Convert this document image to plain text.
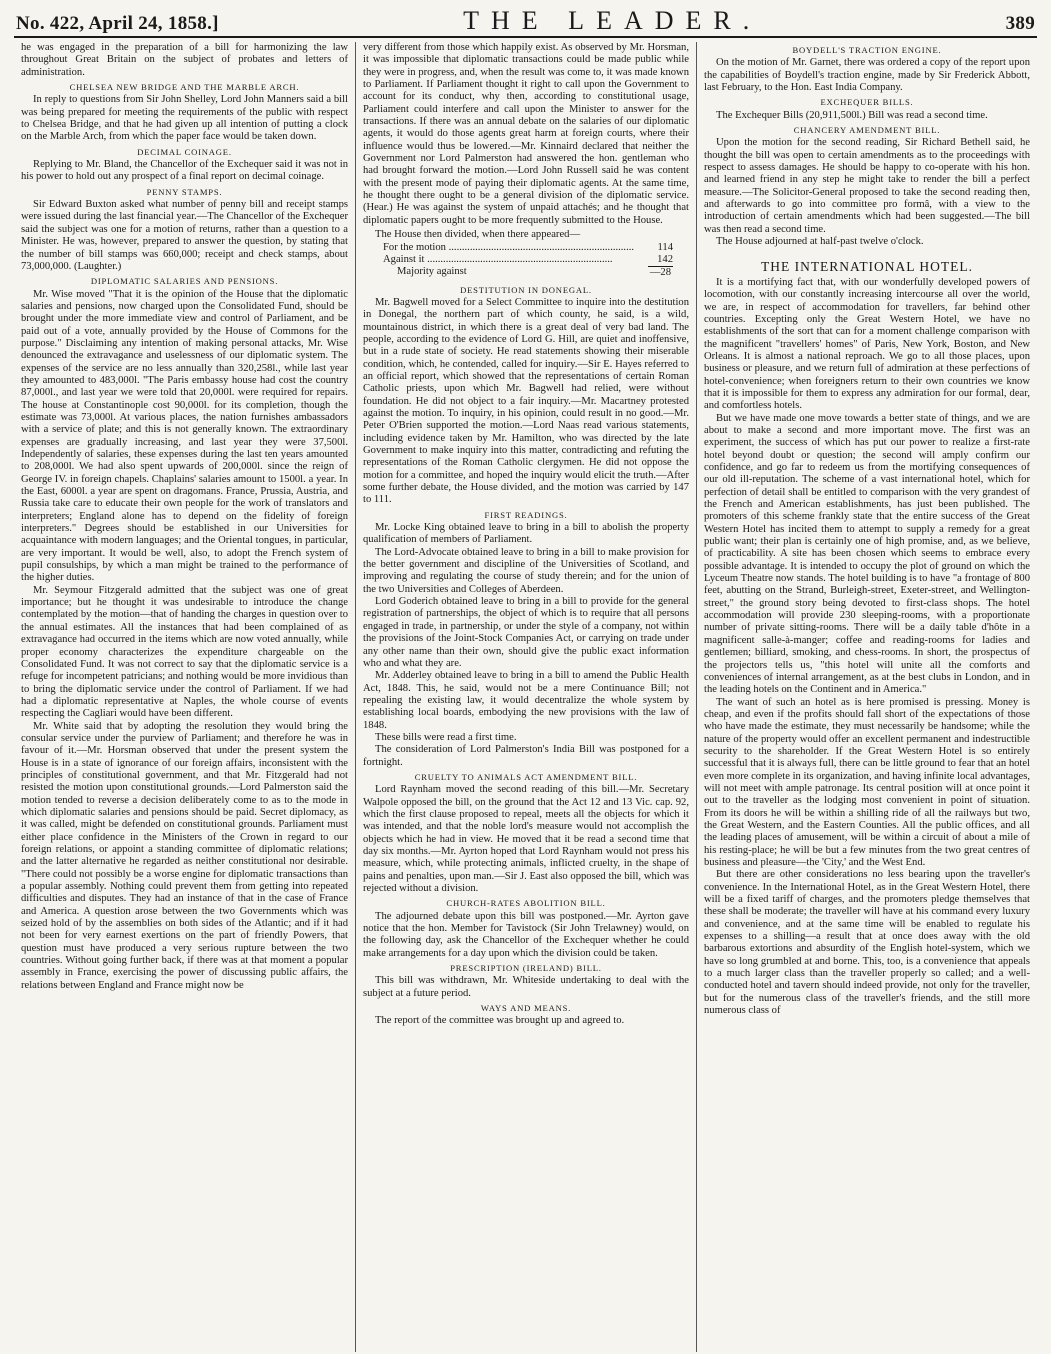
No. 422, April 24, 1858.]	THE LEADER.	389

he was engaged in the preparation of a bill for harmonizing the law throughout Great Britain on the subject of probates and letters of administration.

CHELSEA NEW BRIDGE AND THE MARBLE ARCH.

In reply to questions from Sir John Shelley, Lord John Manners said a bill was being prepared for meeting the requirements of the public with respect to Chelsea Bridge, and that he had given up all intention of putting a clock on the Marble Arch, from which the paper face would be taken down.

DECIMAL COINAGE.

Replying to Mr. Bland, the Chancellor of the Exchequer said it was not in his power to hold out any prospect of a final report on decimal coinage.

PENNY STAMPS.

Sir Edward Buxton asked what number of penny bill and receipt stamps were issued during the last financial year.—The Chancellor of the Exchequer said the subject was one for a motion of returns, rather than a question to a Minister. He was, however, prepared to answer the question, by stating that the number of bill stamps was 660,000; receipt and check stamps, about 73,000,000. (Laughter.)

DIPLOMATIC SALARIES AND PENSIONS.

Mr. Wise moved "That it is the opinion of the House that the diplomatic salaries and pensions, now charged upon the Consolidated Fund, should be brought under the more immediate view and control of Parliament, and be paid out of a vote, annually provided by the House of Commons for the purpose." Disclaiming any intention of making personal attacks, Mr. Wise denounced the extravagance and uselessness of our diplomatic system. The expenses of the service are no less annually than 320,258l., while last year they amounted to 483,000l. "The Paris embassy house had cost the country 87,000l., and last year we were told that 20,000l. were required for repairs. The house at Constantinople cost 90,000l. for its completion, though the estimate was 73,000l. At various places, the nation furnishes ambassadors with a service of plate; and this is not generally known. The extraordinary expenses are gradually increasing, and last year they were 37,500l. Independently of salaries, these expenses during the last ten years amounted to 208,000l. We had also spent upwards of 200,000l. since the reign of George IV. in foreign chapels. Chaplains' salaries amount to 1500l. a year. In the East, 6000l. a year are spent on dragomans. France, Prussia, Austria, and Russia take care to educate their own people for the work of translators and interpreters; England alone has to depend on the fidelity of foreign interpreters." Degrees should be established in our Universities for acquaintance with modern languages; and the Oriental tongues, in particular, are very important. It would be well, also, to adopt the French system of pupil consulships, by which a man might be trained to the performance of the higher duties.

Mr. Seymour Fitzgerald admitted that the subject was one of great importance; but he thought it was undesirable to introduce the change contemplated by the motion—that of handing the charges in question over to the annual estimates. All the instances that had been complained of as extravagance had occurred in the items which are now voted annually, while proper economy characterizes the expenditure chargeable on the Consolidated Fund. It was not correct to say that the diplomatic service is a refuge for incompetent patricians; and nothing would be more invidious than to bring the diplomatic service under the control of Parliament. If we had had a diplomatic representative at Naples, the whole course of events respecting the Cagliari would have been different.

Mr. White said that by adopting the resolution they would bring the consular service under the purview of Parliament; and therefore he was in favour of it.—Mr. Horsman observed that under the present system the House is in a state of ignorance of our foreign affairs, inconsistent with the principles of constitutional government, and that Mr. Fitzgerald had not resisted the motion upon constitutional grounds.—Lord Palmerston said the motion tended to reverse a decision deliberately come to as to the mode in which diplomatic salaries and pensions should be paid. Secret diplomacy, as it was called, might be defended on constitutional grounds. Parliament must either place confidence in the Ministers of the Crown in regard to our foreign relations, or appoint a standing committee of diplomatic relations; and the latter alternative he regarded as neither constitutional nor desirable. "There could not possibly be a worse engine for diplomatic transactions than a popular assembly. Nothing could prevent them from getting into repeated difficulties and disputes. They had an instance of that in the case of France and America. A question arose between the two Governments which was seized hold of by the assemblies on both sides of the Atlantic; and if it had not been for very earnest exertions on the part of friendly Powers, that question must have produced a very serious rupture between the two countries. Without going further back, if there was at that moment a popular assembly in France, exercising the power of discussing public affairs, the relations between England and France might now be

very different from those which happily exist. As observed by Mr. Horsman, it was impossible that diplomatic transactions could be made public while they were in progress, and, when the result was come to, it was made known to Parliament. If Parliament thought it right to call upon the Government to account for its conduct, why then, according to constitutional usage, Parliament could interfere and call upon the Minister to answer for the transactions. If there was an annual debate on the salaries of our diplomatic agents, it would do those agents great harm at foreign courts, where their influence would thus be lowered.—Mr. Kinnaird declared that neither the Government nor Lord Palmerston had answered the hon. gentleman who had brought forward the motion.—Lord John Russell said he was content with the present mode of paying their diplomatic agents. At the same time, he thought there ought to be a general division of the diplomatic service. (Hear.) He was against the system of unpaid attachés; and he thought that diplomatic papers ought to be more frequently submitted to the House.

The House then divided, when there appeared—
For the motion .....	114
Against it .....	142
Majority against	—28
DESTITUTION IN DONEGAL.

Mr. Bagwell moved for a Select Committee to inquire into the destitution in Donegal, the northern part of which county, he said, is a wild, mountainous district, in which there is a great deal of very bad land. The people, according to the evidence of Lord G. Hill, are quiet and inoffensive, but in a rude state of society. He read statements showing their miserable condition, which, he contended, called for inquiry.—Sir E. Hayes referred to an official report, which showed that the representations of certain Roman Catholic priests, upon which Mr. Bagwell had relied, were without foundation. He did not object to a fair inquiry.—Mr. Macartney protested against the motion. To inquiry, in his opinion, could result in no good.—Mr. Peter O'Brien supported the motion.—Lord Naas read various statements, including evidence taken by Mr. Hamilton, who was directed by the late Government to make inquiry into this matter, contradicting and refuting the representations of the Roman Catholic clergymen. He did not oppose the motion for a committee, and hoped the inquiry would elicit the truth.—After some further debate, the House divided, and the motion was carried by 147 to 111.

FIRST READINGS.

Mr. Locke King obtained leave to bring in a bill to abolish the property qualification of members of Parliament.

The Lord-Advocate obtained leave to bring in a bill to make provision for the better government and discipline of the Universities of Scotland, and improving and regulating the course of study therein; and for the union of the two Universities and Colleges of Aberdeen.

Lord Goderich obtained leave to bring in a bill to provide for the general registration of partnerships, the object of which is to require that all persons engaged in trade, in partnership, or under the style of a company, not within the provisions of the Joint-Stock Companies Act, or carrying on trade under any other name than their own, should give the public exact information who and what they are.

Mr. Adderley obtained leave to bring in a bill to amend the Public Health Act, 1848. This, he said, would not be a mere Continuance Bill; not repealing the existing law, it would decentralize the whole system by establishing local boards, embodying the new provisions with the law of 1848.

These bills were read a first time.

The consideration of Lord Palmerston's India Bill was postponed for a fortnight.

CRUELTY TO ANIMALS ACT AMENDMENT BILL.

Lord Raynham moved the second reading of this bill.—Mr. Secretary Walpole opposed the bill, on the ground that the Act 12 and 13 Vic. cap. 92, which the first clause proposed to repeal, meets all the objects for which it was intended, and that the noble lord's measure would not accomplish the objects which he had in view. He moved that it be read a second time that day six months.—Mr. Ayrton hoped that Lord Raynham would not press his measure, which, while protecting animals, inflicted cruelty, in the shape of pains and penalties, upon man.—Sir J. East also opposed the bill, which was rejected without a division.

CHURCH-RATES ABOLITION BILL.

The adjourned debate upon this bill was postponed.—Mr. Ayrton gave notice that the hon. Member for Tavistock (Sir John Trelawney) would, on the following day, ask the Chancellor of the Exchequer whether he could make arrangements for a day upon which the division could be taken.

PRESCRIPTION (IRELAND) BILL.

This bill was withdrawn, Mr. Whiteside undertaking to deal with the subject at a future period.

WAYS AND MEANS.

The report of the committee was brought up and agreed to.

BOYDELL'S TRACTION ENGINE.

On the motion of Mr. Garnet, there was ordered a copy of the report upon the capabilities of Boydell's traction engine, made by Sir Frederick Abbott, last February, to the Hon. East India Company.

EXCHEQUER BILLS.

The Exchequer Bills (20,911,500l.) Bill was read a second time.

CHANCERY AMENDMENT BILL.

Upon the motion for the second reading, Sir Richard Bethell said, he thought the bill was open to certain amendments as to the proceedings with respect to assess damages. He should be happy to co-operate with his hon. and learned friend in any step he might take to render the bill a perfect measure.—The Solicitor-General proposed to take the second reading then, and afterwards to go into committee pro formâ, with a view to the introduction of certain amendments which had been suggested.—The bill was then read a second time.

The House adjourned at half-past twelve o'clock.

THE INTERNATIONAL HOTEL.

It is a mortifying fact that, with our wonderfully developed powers of locomotion, with our constantly increasing intercourse all over the world, we are, in respect of accommodation for travellers, far behind other countries. Excepting only the Great Western Hotel, we have no establishments of the sort that can for a moment challenge comparison with the magnificent "travellers' homes" of Paris, New York, Boston, and New Orleans. It is almost a national reproach. We go to all those places, upon business or pleasure, and we return full of admiration at these perfections of hotel-convenience; when foreigners return to their own countries we know that it is impossible for them to express any admiration for our formal, dear, and comfortless hotels.

But we have made one move towards a better state of things, and we are about to make a second and more important move. The first was an experiment, the success of which has put our power to realize a first-rate hotel beyond doubt or question; the second will amply confirm our confidence, and go far to redeem us from the mortifying consequences of our old ill-reputation. The scheme of a vast international hotel, which for perfection of detail shall be entitled to comparison with the very grandest of the French and American establishments, has just been published. The promoters of this scheme frankly state that the entire success of the Great Western Hotel has incited them to attempt to supply a remedy for a great public want; their plan is certainly one of high promise, and, as we believe, of practicability. A site has been chosen which seems to embrace every possible advantage. It is intended to occupy the plot of ground on which the Lyceum Theatre now stands. The hotel building is to have "a frontage of 800 feet, abutting on the Strand, Burleigh-street, Exeter-street, and Wellington-street," the ground story being devoted to first-class shops. The hotel accommodation will provide 230 sleeping-rooms, with a proportionate number of private sitting-rooms. There will be a daily table d'hôte in a magnificent salle-à-manger; coffee and reading-rooms for ladies and gentlemen; billiard, smoking, and chess-rooms. In short, the prospectus of the projectors tells us, "this hotel will unite all the comforts and conveniences of internal arrangement, as at the best clubs in London, and in the leading hotels on the Continent and in America."

The want of such an hotel as is here promised is pressing. Money is cheap, and even if the profits should fall short of the expectations of those who have made the estimate, they must necessarily be handsome; while the nature of the property would offer an excellent permanent and indestructible security to the shareholder. If the Great Western Hotel is so entirely successful that it is always full, there can be little ground to fear that an hotel even more complete in its organization, and having infinite local advantages, will not meet with ample patronage. Its central position will at once point it out to the traveller as the lodging most convenient in point of situation. From its doors he will be within a shilling ride of all the railways but two, the Great Western, and the Eastern Counties. All the public offices, and all the leading places of amusement, will be within a circuit of about a mile of his resting-place; he will be but a few minutes from the two great centres of business and pleasure—the 'City,' and the West End.

But there are other considerations no less bearing upon the traveller's convenience. In the International Hotel, as in the Great Western Hotel, there will be a fixed tariff of charges, and the promoters pledge themselves that these shall be moderate; the traveller will have at his command every luxury and convenience, and at the same time will be enabled to regulate his expenses to a shilling—a result that at once does away with the old barbarous extortions and absurdity of the English hotel-system, which we have so long grumbled at and borne. This, too, is a convenience that appeals to a much larger class than the traveller properly so called; and a well-conducted hotel and tavern should indeed provide, not only for the traveller, but for the numerous class of the traveller's friends, and the still more numerous class of
